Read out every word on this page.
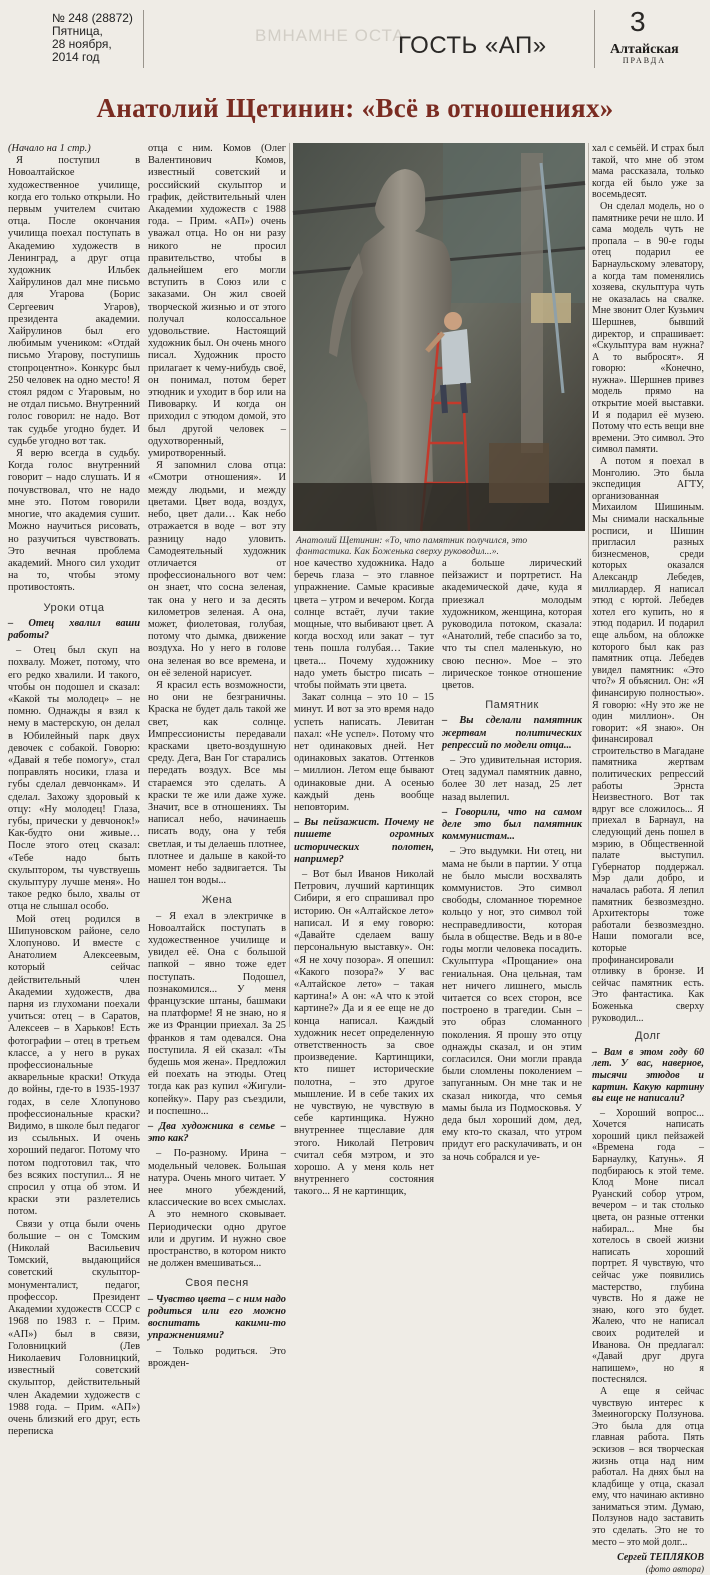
№ 248 (28872)
Пятница,
28 ноября,
2014 год
ВМНАМНЕ ОСТА
ГОСТЬ «АП»
3
Алтайская
ПРАВДА
Анатолий Щетинин: «Всё в отношениях»

(Начало на 1 стр.)

Я поступил в Новоалтайское художественное училище, когда его только открыли. Но первым учителем считаю отца. После окончания училища поехал поступать в Академию художеств в Ленинград, а друг отца художник Ильбек Хайрулинов дал мне письмо для Угарова (Борис Сергеевич Угаров), президента академии. Хайрулинов был его любимым учеником: «Отдай письмо Угарову, поступишь стопроцентно». Конкурс был 250 человек на одно место! Я стоял рядом с Угаровым, но не отдал письмо. Внутренний голос говорил: не надо. Вот так судьбе угодно будет. И судьбе угодно вот так.

Я верю всегда в судьбу. Когда голос внутренний говорит – надо слушать. И я почувствовал, что не надо мне это. Потом говорили многие, что академия сушит. Можно научиться рисовать, но разучиться чувствовать. Это вечная проблема академий. Много сил уходит на то, чтобы этому противостоять.

Уроки отца

– Отец хвалил ваши работы?

– Отец был скуп на похвалу. Может, потому, что его редко хвалили. И такого, чтобы он подошел и сказал: «Какой ты молодец» – не помню. Однажды я взял к нему в мастерскую, он делал в Юбилейный парк двух девочек с собакой. Говорю: «Давай я тебе помогу», стал поправлять носики, глаза и губы сделал девчонкам». И сделал. Захожу здоровый к отцу: «Ну молодец! Глаза, губы, прически у девчонок!» Как-будто они живые… После этого отец сказал: «Тебе надо быть скульптором, ты чувствуешь скульптуру лучше меня». Но такое редко было, хвалы от отца не слышал особо.

Мой отец родился в Шипуновском районе, село Хлопуново. И вместе с Анатолием Алексеевым, который сейчас действительный член Академии художеств, два парня из глухомани поехали учиться: отец – в Саратов, Алексеев – в Харьков! Есть фотографии – отец в третьем классе, а у него в руках профессиональные акварельные краски! Откуда до войны, где-то в 1935-1937 годах, в селе Хлопуново профессиональные краски? Видимо, в школе был педагог из ссыльных. И очень хороший педагог. Потому что потом подготовил так, что без всяких поступил... Я не спросил у отца об этом. И краски эти разлетелись потом.

Связи у отца были очень большие – он с Томским (Николай Васильевич Томский, выдающийся советский скульптор-монументалист, педагог, профессор. Президент Академии художеств СССР с 1968 по 1983 г. – Прим. «АП») был в связи, Головницкий (Лев Николаевич Головницкий, известный советский скульптор, действительный член Академии художеств с 1988 года. – Прим. «АП») очень близкий его друг, есть переписка

отца с ним. Комов (Олег Валентинович Комов, известный советский и российский скульптор и график, действительный член Академии художеств с 1988 года. – Прим. «АП») очень уважал отца. Но он ни разу никого не просил правительство, чтобы в дальнейшем его могли вступить в Союз или с заказами. Он жил своей творческой жизнью и от этого получал колоссальное удовольствие. Настоящий художник был. Он очень много писал. Художник просто прилагает к чему-нибудь своё, он понимал, потом берет этюдник и уходит в бор или на Пивоварку. И когда он приходил с этюдом домой, это был другой человек – одухотворенный, умиротворенный.

Я запомнил слова отца: «Смотри отношения». И между людьми, и между цветами. Цвет вода, воздух, небо, цвет дали… Как небо отражается в воде – вот эту разницу надо уловить. Самодеятельный художник отличается от профессионального вот чем: он знает, что сосна зеленая, так она у него и за десять километров зеленая. А она, может, фиолетовая, голубая, потому что дымка, движение воздуха. Но у него в голове она зеленая во все времена, и он её зеленой нарисует.

Я красил есть возможности, но они не безграничны. Краска не будет даль такой же свет, как солнце. Импрессионисты передавали красками цвето-воздушную среду. Дега, Ван Гог старались передать воздух. Все мы стараемся это сделать. А краски те же или даже хуже. Значит, все в отношениях. Ты написал небо, начинаешь писать воду, она у тебя светлая, и ты делаешь плотнее, плотнее и дальше в какой-то момент небо задвигается. Ты нашел тон воды...

Жена

– Я ехал в электричке в Новоалтайск поступать в художественное училище и увидел её. Она с большой папкой – явно тоже едет поступать. Подошел, познакомился... У меня французские штаны, башмаки на платформе! Я не знаю, но я же из Франции приехал. За 25 франков я там одевался. Она поступила. Я ей сказал: «Ты будешь моя жена». Предложил ей поехать на этюды. Отец тогда как раз купил «Жигули-копейку». Пару раз съездили, и поспешно...

– Два художника в семье – это как?

– По-разному. Ирина – модельный человек. Большая натура. Очень много читает. У нее много убеждений, классические во всех смыслах. А это немного сковывает. Периодически одно другое или и другим. И нужно свое пространство, в котором никто не должен вмешиваться...

Своя песня

– Чувство цвета – с ним надо родиться или его можно воспитать какими-то упражнениями?

– Только родиться. Это врожден-

Анатолий Щетинин: «То, что памятник получился, это фантастика. Как Боженька сверху руководил...».

ное качество художника. Надо беречь глаза – это главное упражнение. Самые красивые цвета – утром и вечером. Когда солнце встаёт, лучи такие мощные, что выбивают цвет. А когда восход или закат – тут тень пошла голубая… Такие цвета... Почему художнику надо уметь быстро писать – чтобы поймать эти цвета.

Закат солнца – это 10 – 15 минут. И вот за это время надо успеть написать. Левитан пахал: «Не успел». Потому что нет одинаковых дней. Нет одинаковых закатов. Оттенков – миллион. Летом еще бывают одинаковые дни. А осенью каждый день вообще неповторим.

– Вы пейзажист. Почему не пишете огромных исторических полотен, например?

– Вот был Иванов Николай Петрович, лучший картинщик Сибири, я его спрашивал про историю. Он «Алтайское лето» написал. И я ему говорю: «Давайте сделаем вашу персональную выставку». Он: «Я не хочу позора». Я опешил: «Какого позора?» У вас «Алтайское лето» – такая картина!» А он: «А что к этой картине?» Да и я ее еще не до конца написал. Каждый художник несет определенную ответственность за свое произведение. Картинщики, кто пишет исторические полотна, – это другое мышление. И в себе таких их не чувствую, не чувствую в себе картинщика. Нужно внутреннее тщеславие для этого. Николай Петрович считал себя мэтром, и это хорошо. А у меня коль нет внутреннего состояния такого... Я не картинщик,

а больше лирический пейзажист и портретист. На академической даче, куда я приезжал молодым художником, женщина, которая руководила потоком, сказала: «Анатолий, тебе спасибо за то, что ты спел маленькую, но свою песню». Мое – это лирическое тонкое отношение цветов.

Памятник

– Вы сделали памятник жертвам политических репрессий по модели отца...

– Это удивительная история. Отец задумал памятник давно, более 30 лет назад, 25 лет назад вылепил.

– Говорили, что на самом деле это был памятник коммунистам...

– Это выдумки. Ни отец, ни мама не были в партии. У отца не было мысли восхвалять коммунистов. Это символ свободы, сломанное тюремное кольцо у ног, это символ той несправедливости, которая была в обществе. Ведь и в 80-е годы могли человека посадить. Скульптура «Прощание» она гениальная. Она цельная, там нет ничего лишнего, мысль читается со всех сторон, все построено в трагедии. Сын – это образ сломанного поколения. Я прошу это отцу однажды сказал, и он этим согласился. Они могли правда были сломлены поколением – запуганным. Он мне так и не сказал никогда, что семья мамы была из Подмосковья. У деда был хороший дом, дед, ему кто-то сказал, что утром придут его раскулачивать, и он за ночь собрался и уе-

хал с семьёй. И страх был такой, что мне об этом мама рассказала, только когда ей было уже за восемьдесят.

Он сделал модель, но о памятнике речи не шло. И сама модель чуть не пропала – в 90-е годы отец подарил ее Барнаульскому элеватору, а когда там поменялись хозяева, скульптура чуть не оказалась на свалке. Мне звонит Олег Кузьмич Шершнев, бывший директор, и спрашивает: «Скульптура вам нужна? А то выбросят». Я говорю: «Конечно, нужна». Шершнев привез модель прямо на открытие моей выставки. И я подарил её музею. Потому что есть вещи вне времени. Это символ. Это символ памяти.

А потом я поехал в Монголию. Это была экспедиция АГТУ, организованная Михаилом Шишиным. Мы снимали наскальные росписи, и Шишин пригласил разных бизнесменов, среди которых оказался Александр Лебедев, миллиардер. Я написал этюд с юртой. Лебедев хотел его купить, но я этюд подарил. И подарил еще альбом, на обложке которого был как раз памятник отца. Лебедев увидел памятник: «Это что?» Я объяснил. Он: «Я финансирую полностью». Я говорю: «Ну это же не один миллион». Он говорит: «Я знаю». Он финансировал строительство в Магадане памятника жертвам политических репрессий работы Эрнста Неизвестного. Вот так вдруг все сложилось... Я приехал в Барнаул, на следующий день пошел в мэрию, в Общественной палате выступил. Губернатор поддержал. Мэр дали добро, и началась работа. Я лепил памятник безвозмездно. Архитекторы тоже работали безвозмездно. Наши помогали все, которые профинансировали отливку в бронзе. И сейчас памятник есть. Это фантастика. Как Боженька сверху руководил...

Долг

– Вам в этом году 60 лет. У вас, наверное, тысячи этюдов и картин. Какую картину вы еще не написали?

– Хороший вопрос... Хочется написать хороший цикл пейзажей «Времена года – Барнаулку, Катунь». Я подбираюсь к этой теме. Клод Моне писал Руанский собор утром, вечером – и так столько цвета, он разные оттенки набирал... Мне бы хотелось в своей жизни написать хороший портрет. Я чувствую, что сейчас уже появились мастерство, глубина чувств. Но я даже не знаю, кого это будет. Жалею, что не написал своих родителей и Иванова. Он предлагал: «Давай друг друга напишем», но я постеснялся.

А еще я сейчас чувствую интерес к Змеиногорску Ползунова. Это была для отца главная работа. Пять эскизов – вся творческая жизнь отца над ним работал. На днях был на кладбище у отца, сказал ему, что начинаю активно заниматься этим. Думаю, Ползунов надо заставить это сделать. Это не то место – это мой долг...

Сергей ТЕПЛЯКОВ
(фото автора)
